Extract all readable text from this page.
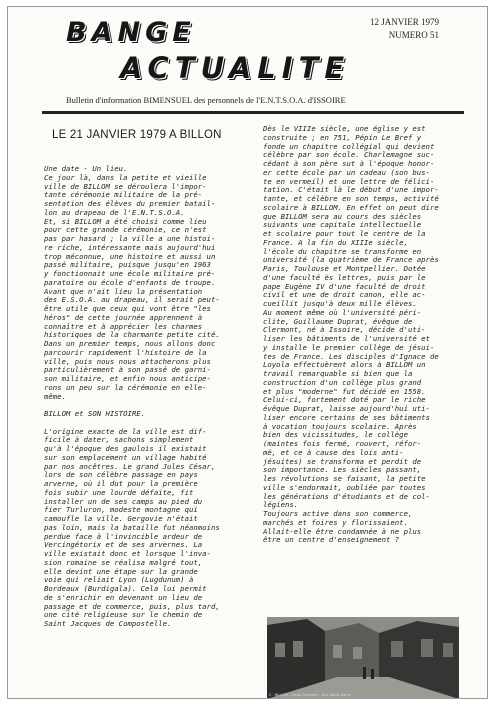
BANGE
ACTUALITE
12 JANVIER 1979
NUMERO 51
Bulletin d'information BIMENSUEL des personnels de l'E.N.T.S.O.A. d'ISSOIRE
LE 21 JANVIER 1979 A BILLON

Une date - Un lieu.

Ce jour là, dans la petite et vieille

ville de BILLOM se déroulera l'impor-

tante cérémonie militaire de la pré-

sentation des élèves du premier batail-

lon au drapeau de l'E.N.T.S.O.A.

Et, si BILLOM a été choisi comme lieu

pour cette grande cérémonie, ce n'est

pas par hasard ; la ville a une histoi-

re riche, intéressante mais aujourd'hui

trop méconnue, une histoire et aussi un

passé militaire, puisque jusqu'en 1963

y fonctionnait une école militaire pré-

paratoire ou école d'enfants de troupe.

Avant que n'ait lieu la présentation

des E.S.O.A. au drapeau, il serait peut-

être utile que ceux qui vont être "les

héros" de cette journée apprennent à

connaître et à apprécier les charmes

historiques de la charmante petite cité.

Dans un premier temps, nous allons donc

parcourir rapidement l'histoire de la

ville, puis nous nous attacherons plus

particulièrement à son passé de garni-

son militaire, et enfin nous anticipe-

rons un peu sur la cérémonie en elle-

même.

BILLOM et SON HISTOIRE.

L'origine exacte de la ville est dif-

ficile à dater, sachons simplement

qu'à l'époque des gaulois il existait

sur son emplacement un village habité

par nos ancêtres. Le grand Jules César,

lors de son célèbre passage en pays

arverne, où il dut pour la première

fois subir une lourde défaite, fit

installer un de ses camps au pied du

fier Turluron, modeste montagne qui

camoufle la ville. Gergovie n'était

pas loin, mais la bataille fut néanmoins

perdue face à l'invincible ardeur de

Vercingétorix et de ses arvernes. La

ville existait donc et lorsque l'inva-

sion romaine se réalisa malgré tout,

elle devint une étape sur la grande

voie qui reliait Lyon (Lugdunum) à

Bordeaux (Burdigala). Cela lui permit

de s'enrichir en devenant un lieu de

passage et de commerce, puis, plus tard,

une cité religieuse sur le chemin de

Saint Jacques de Compostelle.

Dès le VIIIe siècle, une église y est

construite ; en 751, Pépin Le Bref y

fonde un chapitre collégial qui devient

célèbre par son école. Charlemagne suc-

cédant à son père sut à l'époque honor-

er cette école par un cadeau (son bus-

te en vermeil) et une lettre de félici-

tation. C'était là le début d'une impor-

tante, et célèbre en son temps, activité

scolaire à BILLOM. En effet on peut dire

que BILLOM sera au cours des siècles

suivants une capitale intellectuelle

et scolaire pour tout le centre de la

France. A la fin du XIIIe siècle,

l'école du chapitre se transforme en

université (la quatrième de France après

Paris, Toulouse et Montpellier. Dotée

d'une faculté ès lettres, puis par le

pape Eugène IV d'une faculté de droit

civil et une de droit canon, elle ac-

cueillit jusqu'à deux mille élèves.

Au moment même où l'université péri-

clite, Guillaume Duprat, évêque de

Clermont, né à Issoire, décide d'uti-

liser les bâtiments de l'université et

y installe le premier collège de jésui-

tes de France. Les disciples d'Ignace de

Loyola effectuèrent alors à BILLOM un

travail remarquable si bien que la

construction d'un collège plus grand

et plus "moderne" fut décidé en 1558.

Celui-ci, fortement doté par le riche

évêque Duprat, laisse aujourd'hui uti-

liser encore certains de ses bâtiments

à vocation toujours scolaire. Après

bien des vicissitudes, le collège

(maintes fois fermé, rouvert, réfor-

mé, et ce à cause des lois anti-

jésuites) se transforma et perdit de

son importance. Les siècles passant,

les révolutions se faisant, la petite

ville s'endormait, oubliée par toutes

les générations d'étudiants et de col-

légiens.

Toujours active dans son commerce,

marchés et foires y florissaient.

Allait-elle être condamnée à ne plus

être un centre d'enseignement ?

2 - BILLOM - Vieux Quartiers - Rue Notre-Dame
